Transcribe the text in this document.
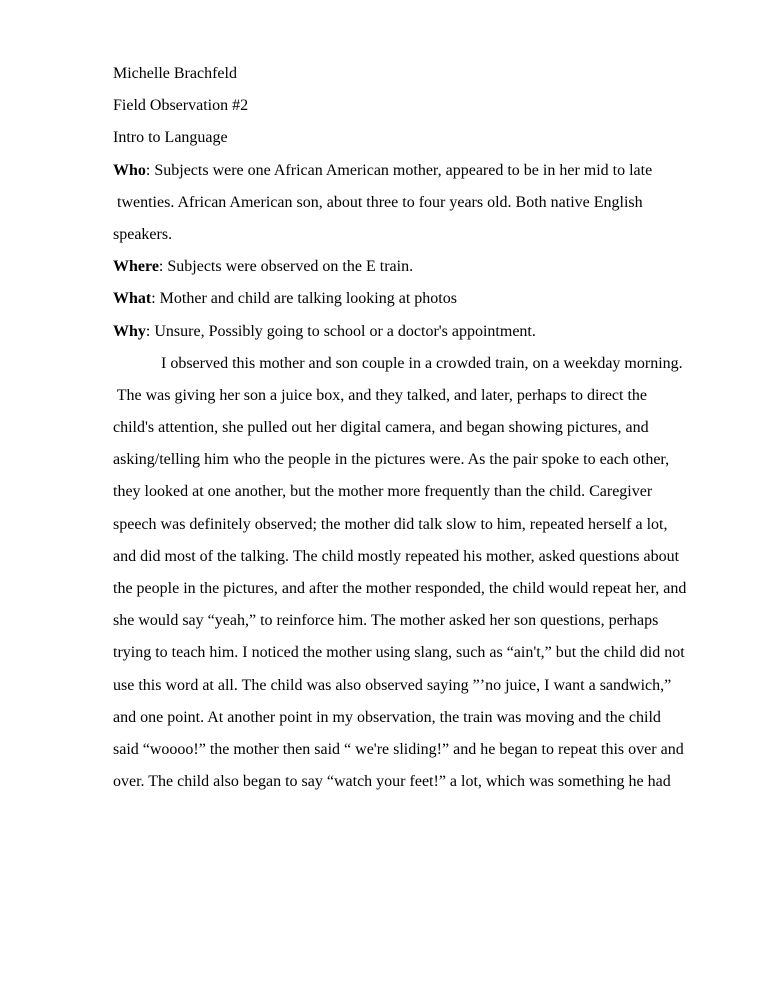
Michelle Brachfeld
Field Observation #2
Intro to Language
Who: Subjects were one African American mother, appeared to be in her mid to late
twenties. African American son, about three to four years old. Both native English
speakers.
Where: Subjects were observed on the E train.
What: Mother and child are talking looking at photos
Why: Unsure, Possibly going to school or a doctor's appointment.
I observed this mother and son couple in a crowded train, on a weekday morning.
The was giving her son a juice box, and they talked, and later, perhaps to direct the
child's attention, she pulled out her digital camera, and began showing pictures, and
asking/telling him who the people in the pictures were. As the pair spoke to each other,
they looked at one another, but the mother more frequently than the child. Caregiver
speech was definitely observed; the mother did talk slow to him, repeated herself a lot,
and did most of the talking. The child mostly repeated his mother, asked questions about
the people in the pictures, and after the mother responded, the child would repeat her, and
she would say “yeah,” to reinforce him. The mother asked her son questions, perhaps
trying to teach him. I noticed the mother using slang, such as “ain't,” but the child did not
use this word at all. The child was also observed saying ”’no juice, I want a sandwich,”
and one point. At another point in my observation, the train was moving and the child
said “woooo!” the mother then said “ we're sliding!” and he began to repeat this over and
over. The child also began to say “watch your feet!” a lot, which was something he had
